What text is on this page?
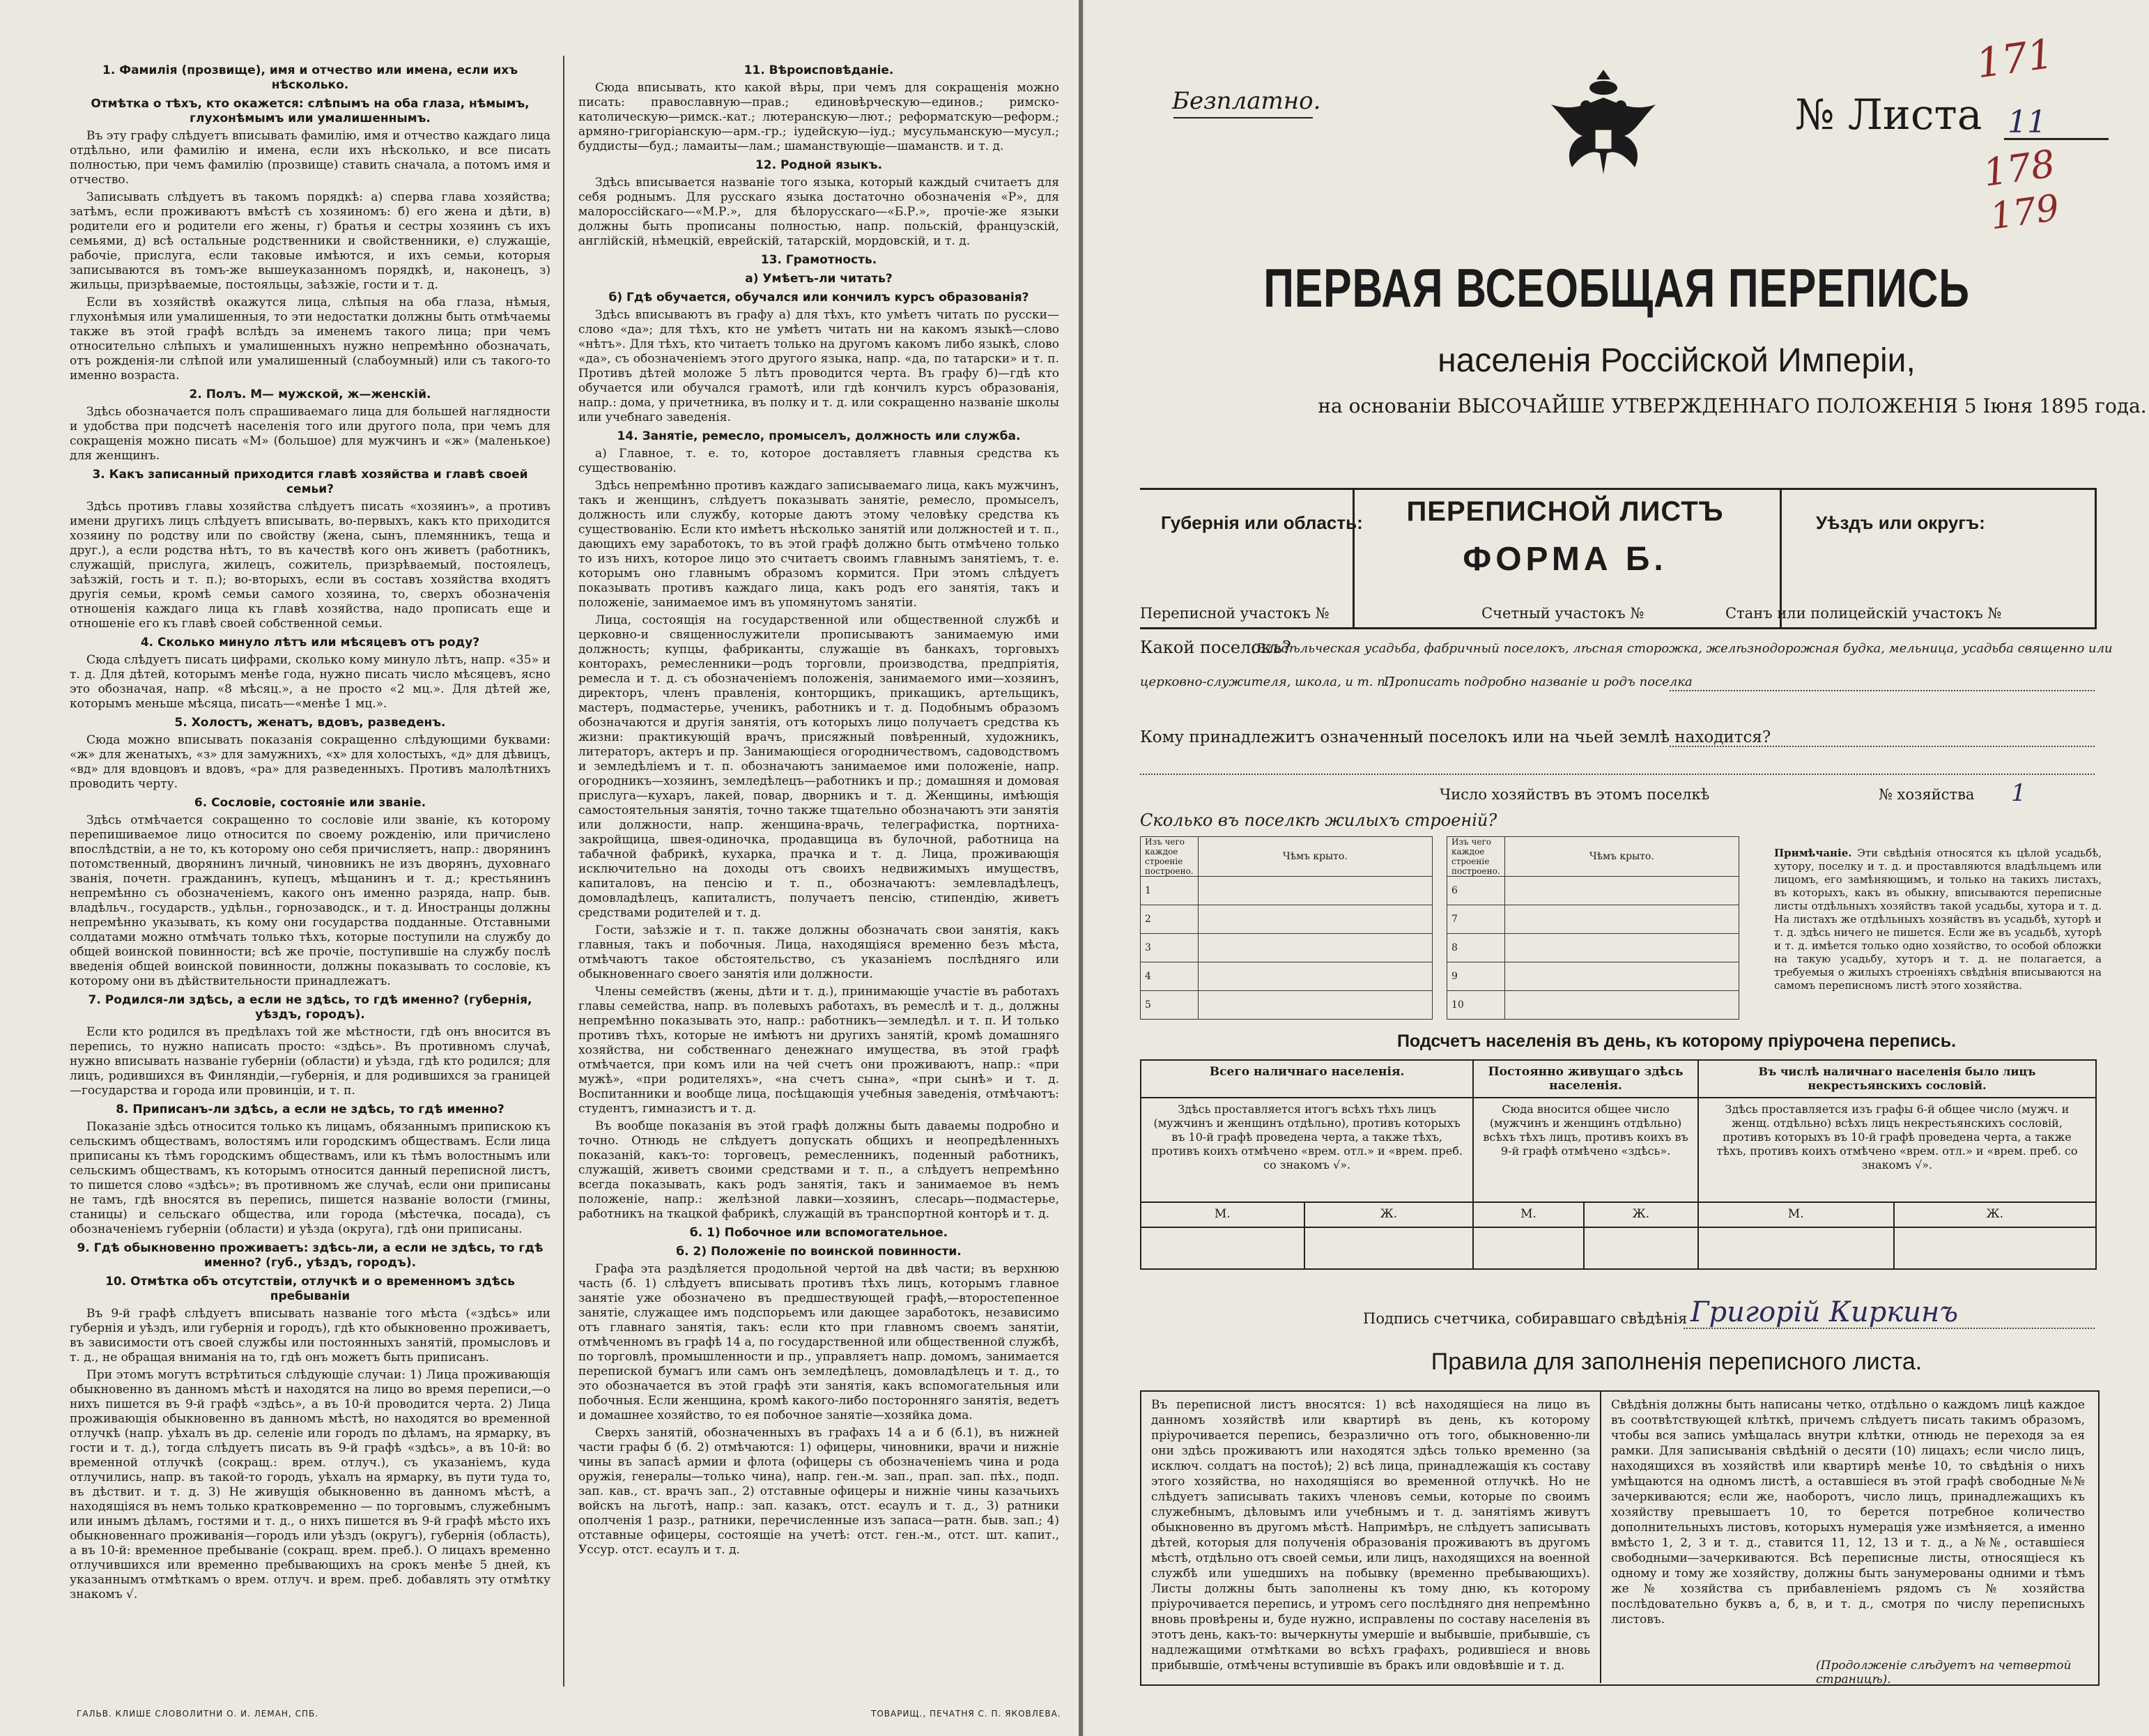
1. Фамилія (прозвище), имя и отчество или имена, если ихъ нѣсколько.
Отмѣтка о тѣхъ, кто окажется: слѣпымъ на оба глаза, нѣмымъ, глухонѣмымъ или умалишеннымъ.

Въ эту графу слѣдуетъ вписывать фамилію, имя и отчество каждаго лица отдѣльно, или фамилію и имена, если ихъ нѣсколько, и все писать полностью, при чемъ фамилію (прозвище) ставить сначала, а потомъ имя и отчество.

Записывать слѣдуетъ въ такомъ порядкѣ: а) сперва глава хозяйства; затѣмъ, если проживаютъ вмѣстѣ съ хозяиномъ: б) его жена и дѣти, в) родители его и родители его жены, г) братья и сестры хозяинъ съ ихъ семьями, д) всѣ остальные родственники и свойственники, е) служащіе, рабочіе, прислуга, если таковые имѣются, и ихъ семьи, которыя записываются въ томъ-же вышеуказанномъ порядкѣ, и, наконецъ, з) жильцы, призрѣваемые, постояльцы, заѣзжіе, гости и т. д.

Если въ хозяйствѣ окажутся лица, слѣпыя на оба глаза, нѣмыя, глухонѣмыя или умалишенныя, то эти недостатки должны быть отмѣчаемы также въ этой графѣ вслѣдъ за именемъ такого лица; при чемъ относительно слѣпыхъ и умалишенныхъ нужно непремѣнно обозначать, отъ рожденія-ли слѣпой или умалишенный (слабоумный) или съ такого-то именно возраста.

2. Полъ. М— мужской, ж—женскій.

Здѣсь обозначается полъ спрашиваемаго лица для большей наглядности и удобства при подсчетѣ населенія того или другого пола, при чемъ для сокращенія можно писать «М» (большое) для мужчинъ и «ж» (маленькое) для женщинъ.

3. Какъ записанный приходится главѣ хозяйства и главѣ своей семьи?

Здѣсь противъ главы хозяйства слѣдуетъ писать «хозяинъ», а противъ имени другихъ лицъ слѣдуетъ вписывать, во-первыхъ, какъ кто приходится хозяину по родству или по свойству (жена, сынъ, племянникъ, теща и друг.), а если родства нѣтъ, то въ качествѣ кого онъ живетъ (работникъ, служащій, прислуга, жилецъ, сожитель, призрѣваемый, постоялецъ, заѣзжій, гость и т. п.); во-вторыхъ, если въ составъ хозяйства входятъ другія семьи, кромѣ семьи самого хозяина, то, сверхъ обозначенія отношенія каждаго лица къ главѣ хозяйства, надо прописать еще и отношеніе его къ главѣ своей собственной семьи.

4. Сколько минуло лѣтъ или мѣсяцевъ отъ роду?

Сюда слѣдуетъ писать цифрами, сколько кому минуло лѣтъ, напр. «35» и т. д. Для дѣтей, которымъ менѣе года, нужно писать число мѣсяцевъ, ясно это обозначая, напр. «8 мѣсяц.», а не просто «2 мц.». Для дѣтей же, которымъ меньше мѣсяца, писать—«менѣе 1 мц.».

5. Холостъ, женатъ, вдовъ, разведенъ.

Сюда можно вписывать показанія сокращенно слѣдующими буквами: «ж» для женатыхъ, «з» для замужнихъ, «х» для холостыхъ, «д» для дѣвицъ, «вд» для вдовцовъ и вдовъ, «ра» для разведенныхъ. Противъ малолѣтнихъ проводить черту.

6. Сословіе, состояніе или званіе.

Здѣсь отмѣчается сокращенно то сословіе или званіе, къ которому перепишиваемое лицо относится по своему рожденію, или причислено впослѣдствіи, а не то, къ которому оно себя причисляетъ, напр.: дворянинъ потомственный, дворянинъ личный, чиновникъ не изъ дворянъ, духовнаго званія, почетн. гражданинъ, купецъ, мѣщанинъ и т. д.; крестьянинъ непремѣнно съ обозначеніемъ, какого онъ именно разряда, напр. быв. владѣльч., государств., удѣльн., горнозаводск., и т. д. Иностранцы должны непремѣнно указывать, къ кому они государства подданные. Отставными солдатами можно отмѣчать только тѣхъ, которые поступили на службу до общей воинской повинности; всѣ же прочіе, поступившіе на службу послѣ введенія общей воинской повинности, должны показывать то сословіе, къ которому они въ дѣйствительности принадлежатъ.

7. Родился-ли здѣсь, а если не здѣсь, то гдѣ именно? (губернія, уѣздъ, городъ).

Если кто родился въ предѣлахъ той же мѣстности, гдѣ онъ вносится въ перепись, то нужно написать просто: «здѣсь». Въ противномъ случаѣ, нужно вписывать названіе губерніи (области) и уѣзда, гдѣ кто родился; для лицъ, родившихся въ Финляндіи,—губернія, и для родившихся за границей—государства и города или провинціи, и т. п.

8. Приписанъ-ли здѣсь, а если не здѣсь, то гдѣ именно?

Показаніе здѣсь относится только къ лицамъ, обязаннымъ припискою къ сельскимъ обществамъ, волостямъ или городскимъ обществамъ. Если лица приписаны къ тѣмъ городскимъ обществамъ, или къ тѣмъ волостнымъ или сельскимъ обществамъ, къ которымъ относится данный переписной листъ, то пишется слово «здѣсь»; въ противномъ же случаѣ, если они приписаны не тамъ, гдѣ вносятся въ перепись, пишется названіе волости (гмины, станицы) и сельскаго общества, или города (мѣстечка, посада), съ обозначеніемъ губерніи (области) и уѣзда (округа), гдѣ они приписаны.

9. Гдѣ обыкновенно проживаетъ: здѣсь-ли, а если не здѣсь, то гдѣ именно? (губ., уѣздъ, городъ).
10. Отмѣтка объ отсутствіи, отлучкѣ и о временномъ здѣсь пребываніи

Въ 9-й графѣ слѣдуетъ вписывать названіе того мѣста («здѣсь» или губернія и уѣздъ, или губернія и городъ), гдѣ кто обыкновенно проживаетъ, въ зависимости отъ своей службы или постоянныхъ занятій, промысловъ и т. д., не обращая вниманія на то, гдѣ онъ можетъ быть приписанъ.

При этомъ могутъ встрѣтиться слѣдующіе случаи: 1) Лица проживающія обыкновенно въ данномъ мѣстѣ и находятся на лицо во время переписи,—о нихъ пишется въ 9-й графѣ «здѣсь», а въ 10-й проводится черта. 2) Лица проживающія обыкновенно въ данномъ мѣстѣ, но находятся во временной отлучкѣ (напр. уѣхалъ въ др. селеніе или городъ по дѣламъ, на ярмарку, въ гости и т. д.), тогда слѣдуетъ писать въ 9-й графѣ «здѣсь», а въ 10-й: во временной отлучкѣ (сокращ.: врем. отлуч.), съ указаніемъ, куда отлучились, напр. въ такой-то городъ, уѣхалъ на ярмарку, въ пути туда то, въ дѣствит. и т. д. 3) Не живущія обыкновенно въ данномъ мѣстѣ, а находящіяся въ немъ только кратковременно — по торговымъ, служебнымъ или инымъ дѣламъ, гостями и т. д., о нихъ пишется въ 9-й графѣ мѣсто ихъ обыкновеннаго проживанія—городъ или уѣздъ (округъ), губернія (область), а въ 10-й: временное пребываніе (сокращ. врем. преб.). О лицахъ временно отлучившихся или временно пребывающихъ на срокъ менѣе 5 дней, къ указаннымъ отмѣткамъ о врем. отлуч. и врем. преб. добавлять эту отмѣтку знакомъ √.

11. Вѣроисповѣданіе.

Сюда вписывать, кто какой вѣры, при чемъ для сокращенія можно писать: православную—прав.; единовѣрческую—единов.; римско-католическую—римск.-кат.; лютеранскую—лют.; реформатскую—реформ.; армяно-григоріанскую—арм.-гр.; іудейскую—іуд.; мусульманскую—мусул.; буддисты—буд.; ламаиты—лам.; шаманствующіе—шаманств. и т. д.

12. Родной языкъ.

Здѣсь вписывается названіе того языка, который каждый считаетъ для себя роднымъ. Для русскаго языка достаточно обозначенія «Р», для малороссійскаго—«М.Р.», для бѣлорусскаго—«Б.Р.», прочіе-же языки должны быть прописаны полностью, напр. польскій, французскій, англійскій, нѣмецкій, еврейскій, татарскій, мордовскій, и т. д.

13. Грамотность.
а) Умѣетъ-ли читать?
б) Гдѣ обучается, обучался или кончилъ курсъ образованія?

Здѣсь вписываютъ въ графу а) для тѣхъ, кто умѣетъ читать по русски—слово «да»; для тѣхъ, кто не умѣетъ читать ни на какомъ языкѣ—слово «нѣтъ». Для тѣхъ, кто читаетъ только на другомъ какомъ либо языкѣ, слово «да», съ обозначеніемъ этого другого языка, напр. «да, по татарски» и т. п. Противъ дѣтей моложе 5 лѣтъ проводится черта. Въ графу б)—гдѣ кто обучается или обучался грамотѣ, или гдѣ кончилъ курсъ образованія, напр.: дома, у причетника, въ полку и т. д. или сокращенно названіе школы или учебнаго заведенія.

14. Занятіе, ремесло, промыселъ, должность или служба.

а) Главное, т. е. то, которое доставляетъ главныя средства къ существованію.

Здѣсь непремѣнно противъ каждаго записываемаго лица, какъ мужчинъ, такъ и женщинъ, слѣдуетъ показывать занятіе, ремесло, промыселъ, должность или службу, которые даютъ этому человѣку средства къ существованію. Если кто имѣетъ нѣсколько занятій или должностей и т. п., дающихъ ему заработокъ, то въ этой графѣ должно быть отмѣчено только то изъ нихъ, которое лицо это считаетъ своимъ главнымъ занятіемъ, т. е. которымъ оно главнымъ образомъ кормится. При этомъ слѣдуетъ показывать противъ каждаго лица, какъ родъ его занятія, такъ и положеніе, занимаемое имъ въ упомянутомъ занятіи.

Лица, состоящія на государственной или общественной службѣ и церковно-и священнослужители прописываютъ занимаемую ими должность; купцы, фабриканты, служащіе въ банкахъ, торговыхъ конторахъ, ремесленники—родъ торговли, производства, предпріятія, ремесла и т. д. съ обозначеніемъ положенія, занимаемого ими—хозяинъ, директоръ, членъ правленія, конторщикъ, прикащикъ, артельщикъ, мастеръ, подмастерье, ученикъ, работникъ и т. д. Подобнымъ образомъ обозначаются и другія занятія, отъ которыхъ лицо получаетъ средства къ жизни: практикующій врачъ, присяжный повѣренный, художникъ, литераторъ, актеръ и пр. Занимающіеся огородничествомъ, садоводствомъ и земледѣліемъ и т. п. обозначаютъ занимаемое ими положеніе, напр. огородникъ—хозяинъ, земледѣлецъ—работникъ и пр.; домашняя и домовая прислуга—кухаръ, лакей, повар, дворникъ и т. д. Женщины, имѣющія самостоятельныя занятія, точно также тщательно обозначаютъ эти занятія или должности, напр. женщина-врачь, телеграфистка, портниха-закройщица, швея-одиночка, продавщица въ булочной, работница на табачной фабрикѣ, кухарка, прачка и т. д. Лица, проживающія исключительно на доходы отъ своихъ недвижимыхъ имуществъ, капиталовъ, на пенсію и т. п., обозначаютъ: землевладѣлецъ, домовладѣлецъ, капиталистъ, получаетъ пенсію, стипендію, живетъ средствами родителей и т. д.

Гости, заѣзжіе и т. п. также должны обозначать свои занятія, какъ главныя, такъ и побочныя. Лица, находящіяся временно безъ мѣста, отмѣчаютъ такое обстоятельство, съ указаніемъ послѣдняго или обыкновеннаго своего занятія или должности.

Члены семействъ (жены, дѣти и т. д.), принимающіе участіе въ работахъ главы семейства, напр. въ полевыхъ работахъ, въ ремеслѣ и т. д., должны непремѣнно показывать это, напр.: работникъ—земледѣл. и т. п. И только противъ тѣхъ, которые не имѣютъ ни другихъ занятій, кромѣ домашняго хозяйства, ни собственнаго денежнаго имущества, въ этой графѣ отмѣчается, при комъ или на чей счетъ они проживаютъ, напр.: «при мужѣ», «при родителяхъ», «на счетъ сына», «при сынѣ» и т. д. Воспитанники и вообще лица, посѣщающія учебныя заведенія, отмѣчаютъ: студентъ, гимназистъ и т. д.

Въ вообще показанія въ этой графѣ должны быть даваемы подробно и точно. Отнюдь не слѣдуетъ допускать общихъ и неопредѣленныхъ показаній, какъ-то: торговецъ, ремесленникъ, поденный работникъ, служащій, живетъ своими средствами и т. п., а слѣдуетъ непремѣнно всегда показывать, какъ родъ занятія, такъ и занимаемое въ немъ положеніе, напр.: желѣзной лавки—хозяинъ, слесарь—подмастерье, работникъ на ткацкой фабрикѣ, служащій въ транспортной конторѣ и т. д.

б. 1) Побочное или вспомогательное.
б. 2) Положеніе по воинской повинности.

Графа эта раздѣляется продольной чертой на двѣ части; въ верхнюю часть (б. 1) слѣдуетъ вписывать противъ тѣхъ лицъ, которымъ главное занятіе уже обозначено въ предшествующей графѣ,—второстепенное занятіе, служащее имъ подспорьемъ или дающее заработокъ, независимо отъ главнаго занятія, такъ: если кто при главномъ своемъ занятіи, отмѣченномъ въ графѣ 14 а, по государственной или общественной службѣ, по торговлѣ, промышленности и пр., управляетъ напр. домомъ, занимается перепиской бумагъ или самъ онъ земледѣлецъ, домовладѣлецъ и т. д., то это обозначается въ этой графѣ эти занятія, какъ вспомогательныя или побочныя. Если женщина, кромѣ какого-либо посторонняго занятія, ведетъ и домашнее хозяйство, то ея побочное занятіе—хозяйка дома.

Сверхъ занятій, обозначенныхъ въ графахъ 14 а и б (б.1), въ нижней части графы б (б. 2) отмѣчаются: 1) офицеры, чиновники, врачи и нижніе чины въ запасѣ армии и флота (офицеры съ обозначеніемъ чина и рода оружія, генералы—только чина), напр. ген.-м. зап., прап. зап. пѣх., подп. зап. кав., ст. врачъ зап., 2) отставные офицеры и нижніе чины казачьихъ войскъ на льготѣ, напр.: зап. казакъ, отст. есаулъ и т. д., 3) ратники ополченія 1 разр., ратники, перечисленные изъ запаса—ратн. быв. зап.; 4) отставные офицеры, состоящіе на учетѣ: отст. ген.-м., отст. шт. капит., Уссур. отст. есаулъ и т. д.

ГАЛЬВ. КЛИШЕ СЛОВОЛИТНИ О. И. ЛЕМАН, СПБ.	ТОВАРИЩ., ПЕЧАТНЯ С. П. ЯКОВЛЕВА.
Безплатно.	№ Листа 11
171
178
179
ПЕРВАЯ ВСЕОБЩАЯ ПЕРЕПИСЬ
населенія Россійской Имперіи,
на основаніи ВЫСОЧАЙШЕ УТВЕРЖДЕННАГО ПОЛОЖЕНІЯ 5 Іюня 1895 года.
Губернія или область:	ПЕРЕПИСНОЙ ЛИСТЪ
ФОРМА Б.
Уѣздъ или округъ:
Переписной участокъ №	Счетный участокъ №	Станъ или полицейскій участокъ №
Какой поселокъ?
(Владѣльческая усадьба, фабричный поселокъ, лѣсная сторожка, желѣзнодорожная будка, мельница, усадьба священно или
церковно-служителя, школа, и т. п.)
Прописать подробно названіе и родъ поселка
Кому принадлежитъ означенный поселокъ или на чьей землѣ находится?
Число хозяйствъ въ этомъ поселкѣ	№ хозяйства 1
Сколько въ поселкѣ жилыхъ строеній?
Изъ чего каждое строеніе построено.	Чѣмъ крыто.
1	
2	
3	
4	
5	
Изъ чего каждое строеніе построено.	Чѣмъ крыто.
6	
7	
8	
9	
10	
Примѣчаніе. Эти свѣдѣнія относятся къ цѣлой усадьбѣ, хутору, поселку и т. д. и проставляются владѣльцемъ или лицомъ, его замѣняющимъ, и только на такихъ листахъ, въ которыхъ, какъ въ обыкну, вписываются переписные листы отдѣльныхъ хозяйствъ такой усадьбы, хутора и т. д. На листахъ же отдѣльныхъ хозяйствъ въ усадьбѣ, хуторѣ и т. д. здѣсь ничего не пишется. Если же въ усадьбѣ, хуторѣ и т. д. имѣется только одно хозяйство, то особой обложки на такую усадьбу, хуторъ и т. д. не полагается, а требуемыя о жилыхъ строеніяхъ свѣдѣнія вписываются на самомъ переписномъ листѣ этого хозяйства.
Подсчетъ населенія въ день, къ которому пріурочена перепись.
Всего наличнаго населенія.		Постоянно живущаго здѣсь населенія.		Въ числѣ наличнаго населенія было лицъ некрестьянскихъ сословій.	
Здѣсь проставляется итогъ всѣхъ тѣхъ лицъ (мужчинъ и женщинъ отдѣльно), противъ которыхъ въ 10-й графѣ проведена черта, а также тѣхъ, противъ коихъ отмѣчено «врем. отл.» и «врем. преб. со знакомъ √».		Сюда вносится общее число (мужчинъ и женщинъ отдѣльно) всѣхъ тѣхъ лицъ, противъ коихъ въ 9-й графѣ отмѣчено «здѣсь».		Здѣсь проставляется изъ графы 6-й общее число (мужч. и женщ. отдѣльно) всѣхъ лицъ некрестьянскихъ сословій, противъ которыхъ въ 10-й графѣ проведена черта, а также тѣхъ, противъ коихъ отмѣчено «врем. отл.» и «врем. преб. со знакомъ √».	
М.	Ж.	М.	Ж.	М.	Ж.

Подпись счетчика, собиравшаго свѣдѣнія Григорій Киркинъ
Правила для заполненія переписного листа.
Въ переписной листъ вносятся: 1) всѣ находящіеся на лицо въ данномъ хозяйствѣ или квартирѣ въ день, къ которому пріурочивается перепись, безразлично отъ того, обыкновенно-ли они здѣсь проживаютъ или находятся здѣсь только временно (за исключ. солдатъ на постоѣ); 2) всѣ лица, принадлежащія къ составу этого хозяйства, но находящіяся во временной отлучкѣ. Но не слѣдуетъ записывать такихъ членовъ семьи, которые по своимъ служебнымъ, дѣловымъ или учебнымъ и т. д. занятіямъ живутъ обыкновенно въ другомъ мѣстѣ. Напримѣръ, не слѣдуетъ записывать дѣтей, которыя для полученія образованія проживаютъ въ другомъ мѣстѣ, отдѣльно отъ своей семьи, или лицъ, находящихся на военной службѣ или ушедшихъ на побывку (временно пребывающихъ). Листы должны быть заполнены къ тому дню, къ которому пріурочивается перепись, и утромъ сего послѣдняго дня непремѣнно вновь провѣрены и, буде нужно, исправлены по составу населенія въ этотъ день, какъ-то: вычеркнуты умершіе и выбывшіе, прибывшіе, съ надлежащими отмѣтками во всѣхъ графахъ, родившіеся и вновь прибывшіе, отмѣчены вступившіе въ бракъ или овдовѣвшіе и т. д.
Свѣдѣнія должны быть написаны четко, отдѣльно о каждомъ лицѣ каждое въ соотвѣтствующей клѣткѣ, причемъ слѣдуетъ писать такимъ образомъ, чтобы вся запись умѣщалась внутри клѣтки, отнюдь не переходя за ея рамки. Для записыванія свѣдѣній о десяти (10) лицахъ; если число лицъ, находящихся въ хозяйствѣ или квартирѣ менѣе 10, то свѣдѣнія о нихъ умѣщаются на одномъ листѣ, а оставшіеся въ этой графѣ свободные №№ зачеркиваются; если же, наоборотъ, число лицъ, принадлежащихъ къ хозяйству превышаетъ 10, то берется потребное количество дополнительныхъ листовъ, которыхъ нумерація уже измѣняется, а именно вмѣсто 1, 2, 3 и т. д., ставится 11, 12, 13 и т. д., а №№, оставшіеся свободными—зачеркиваются. Всѣ переписные листы, относящіеся къ одному и тому же хозяйству, должны быть занумерованы одними и тѣмъ же № хозяйства съ прибавленіемъ рядомъ съ № хозяйства послѣдовательно буквъ а, б, в, и т. д., смотря по числу переписныхъ листовъ.
(Продолженіе слѣдуетъ на четвертой страницѣ).
